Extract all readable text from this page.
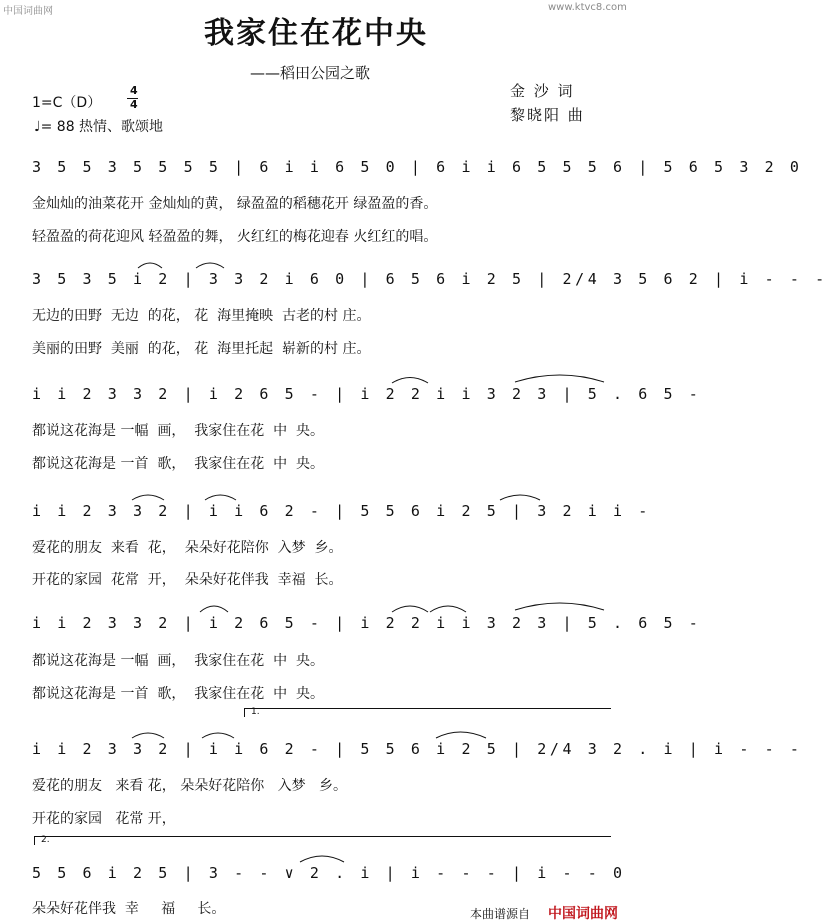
中国词曲网	www.ktvc8.com
我家住在花中央
——稻田公园之歌
1=C（D）
4
4
♩= 88 热情、歌颂地
金 沙 词
黎晓阳 曲
3 5 5 3 5 5 5 5 | 6 i i 6 5 0 | 6 i i 6 5 5 5 6 | 5 6 5 3 2 0
金灿灿的油菜花开 金灿灿的黄， 绿盈盈的稻穗花开 绿盈盈的香。
轻盈盈的荷花迎风 轻盈盈的舞， 火红红的梅花迎春 火红红的唱。
3 5 3 5 i 2 | 3 3 2 i 6 0 | 6 5 6 i 2 5 | 2/4 3 5 6 2 | i - - -
无边的田野  无边  的花， 花  海里掩映  古老的村 庄。
美丽的田野  美丽  的花， 花  海里托起  崭新的村 庄。
i i 2 3 3 2 | i 2 6 5 - | i 2 2 i i 3 2 3 | 5 . 6 5 -
都说这花海是 一幅  画，  我家住在花  中  央。
都说这花海是 一首  歌，  我家住在花  中  央。
i i 2 3 3 2 | i i 6 2 - | 5 5 6 i 2 5 | 3 2 i i -
爱花的朋友  来看  花，  朵朵好花陪你  入梦  乡。
开花的家园  花常  开，  朵朵好花伴我  幸福  长。
i i 2 3 3 2 | i 2 6 5 - | i 2 2 i i 3 2 3 | 5 . 6 5 -
都说这花海是 一幅  画，  我家住在花  中  央。
都说这花海是 一首  歌，  我家住在花  中  央。
1.
i i 2 3 3 2 | i i 6 2 - | 5 5 6 i 2 5 | 2/4 3 2 . i | i - - -
爱花的朋友   来看 花， 朵朵好花陪你   入梦   乡。
开花的家园   花常 开，
2.
5 5 6 i 2 5 | 3 - - ∨ 2 . i | i - - - | i - - 0
朵朵好花伴我  幸     福     长。	本曲谱源自 中国词曲网
